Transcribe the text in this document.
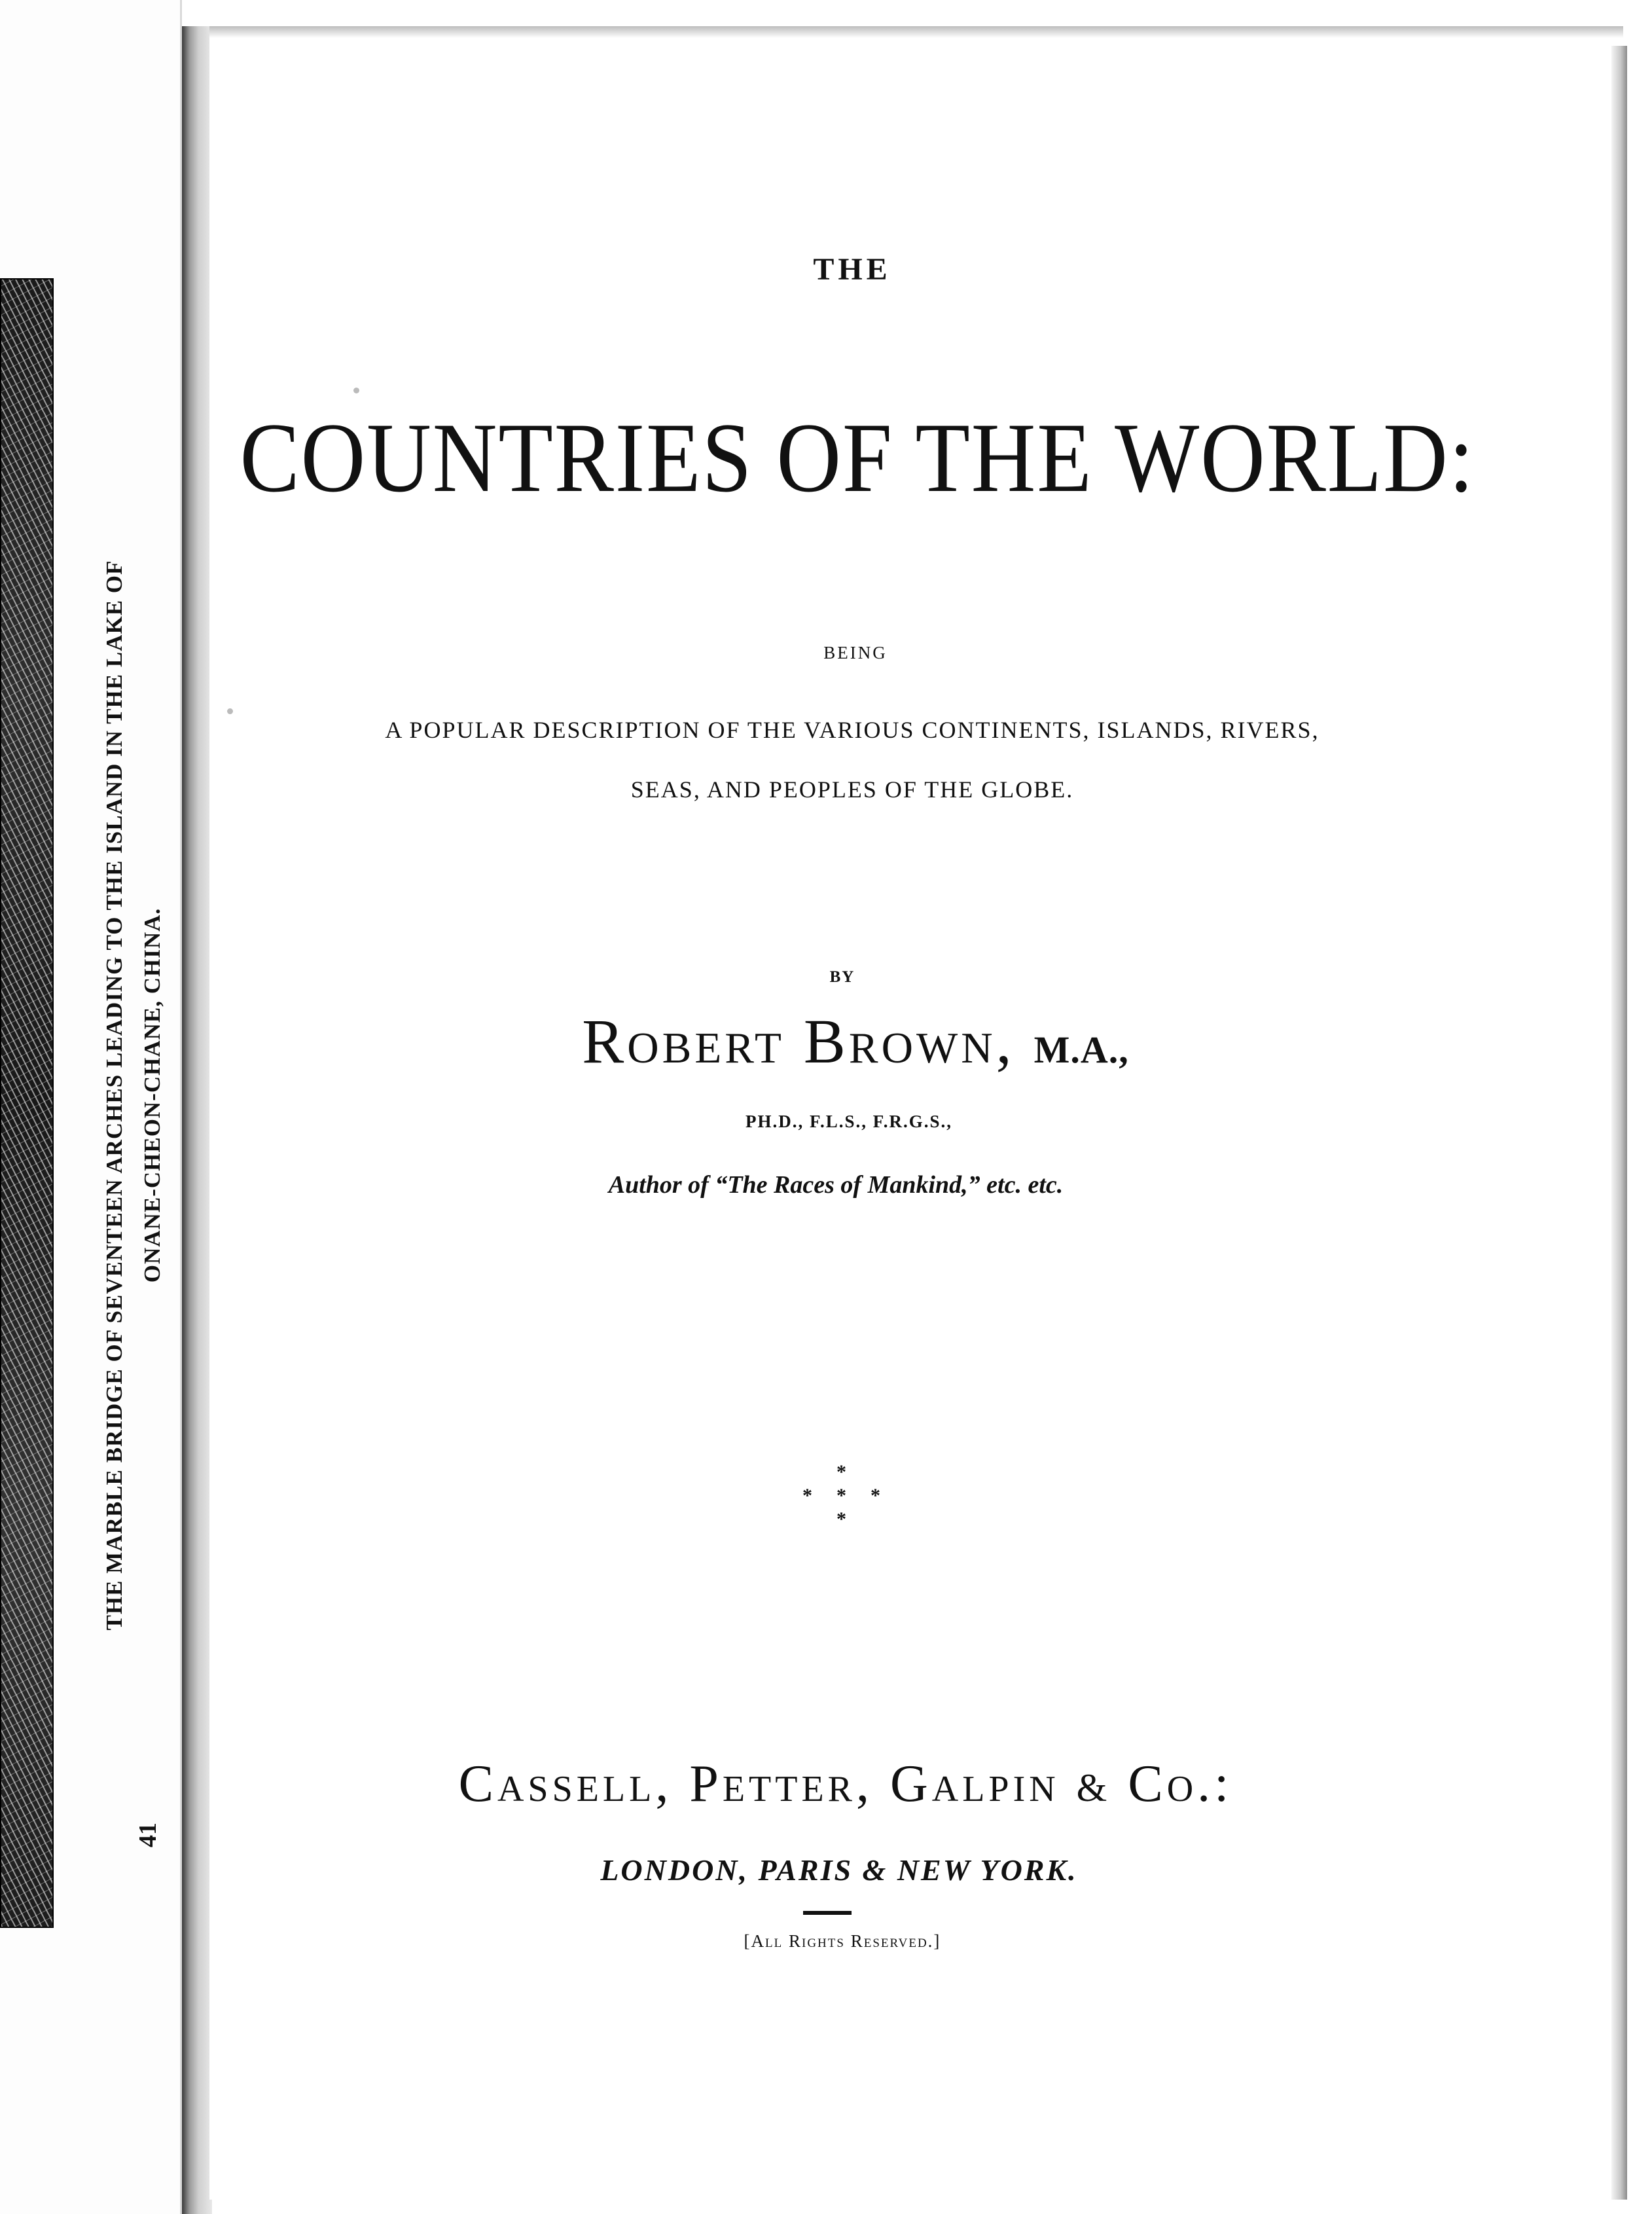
THE MARBLE BRIDGE OF SEVENTEEN ARCHES LEADING TO THE ISLAND IN THE LAKE OF ONANE-CHEON-CHANE, CHINA.
41
THE
COUNTRIES OF THE WORLD:
BEING
A POPULAR DESCRIPTION OF THE VARIOUS CONTINENTS, ISLANDS, RIVERS,
SEAS, AND PEOPLES OF THE GLOBE.
BY
Robert Brown, M.A.,
PH.D., F.L.S., F.R.G.S.,
Author of “The Races of Mankind,” etc. etc.
*
* * *
*
Cassell, Petter, Galpin & Co.:
LONDON, PARIS & NEW YORK.
[All Rights Reserved.]
